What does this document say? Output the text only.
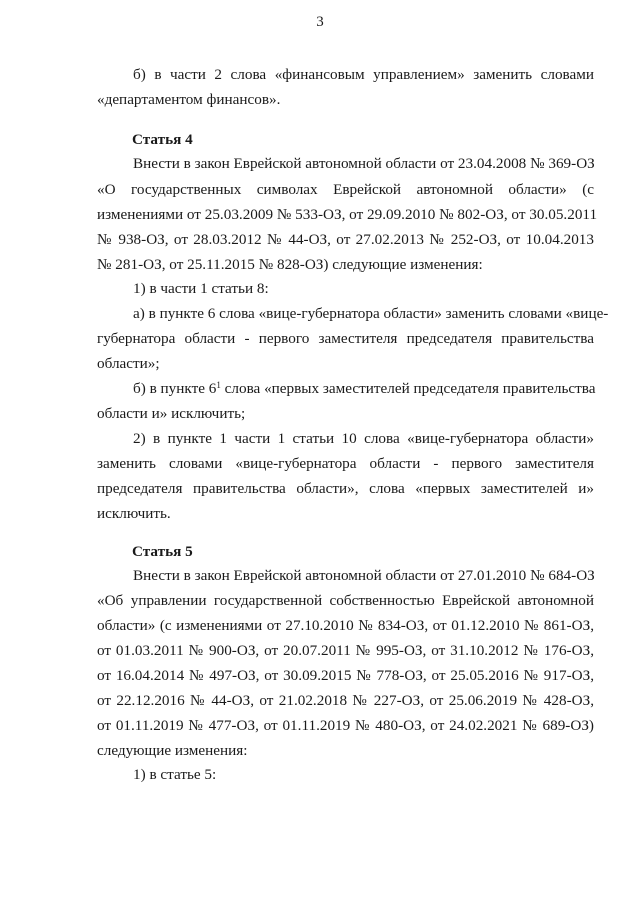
3
б) в части 2 слова «финансовым управлением» заменить словами
«департаментом финансов».
Статья 4
Внести в закон Еврейской автономной области от 23.04.2008 № 369-ОЗ
«О государственных символах Еврейской автономной области» (с
изменениями от 25.03.2009 № 533-ОЗ, от 29.09.2010 № 802-ОЗ, от 30.05.2011
№ 938-ОЗ, от 28.03.2012 № 44-ОЗ, от 27.02.2013 № 252-ОЗ, от 10.04.2013
№ 281-ОЗ, от 25.11.2015 № 828-ОЗ) следующие изменения:
1) в части 1 статьи 8:
а) в пункте 6 слова «вице-губернатора области» заменить словами «вице-
губернатора области - первого заместителя председателя правительства
области»;
б) в пункте $6^1$ слова «первых заместителей председателя правительства
области и» исключить;
2) в пункте 1 части 1 статьи 10 слова «вице-губернатора области»
заменить словами «вице-губернатора области - первого заместителя
председателя правительства области», слова «первых заместителей и»
исключить.
Статья 5
Внести в закон Еврейской автономной области от 27.01.2010 № 684-ОЗ
«Об управлении государственной собственностью Еврейской автономной
области» (с изменениями от 27.10.2010 № 834-ОЗ, от 01.12.2010 № 861-ОЗ,
от 01.03.2011 № 900-ОЗ, от 20.07.2011 № 995-ОЗ, от 31.10.2012 № 176-ОЗ,
от 16.04.2014 № 497-ОЗ, от 30.09.2015 № 778-ОЗ, от 25.05.2016 № 917-ОЗ,
от 22.12.2016 № 44-ОЗ, от 21.02.2018 № 227-ОЗ, от 25.06.2019 № 428-ОЗ,
от 01.11.2019 № 477-ОЗ, от 01.11.2019 № 480-ОЗ, от 24.02.2021 № 689-ОЗ)
следующие изменения:
1) в статье 5:
